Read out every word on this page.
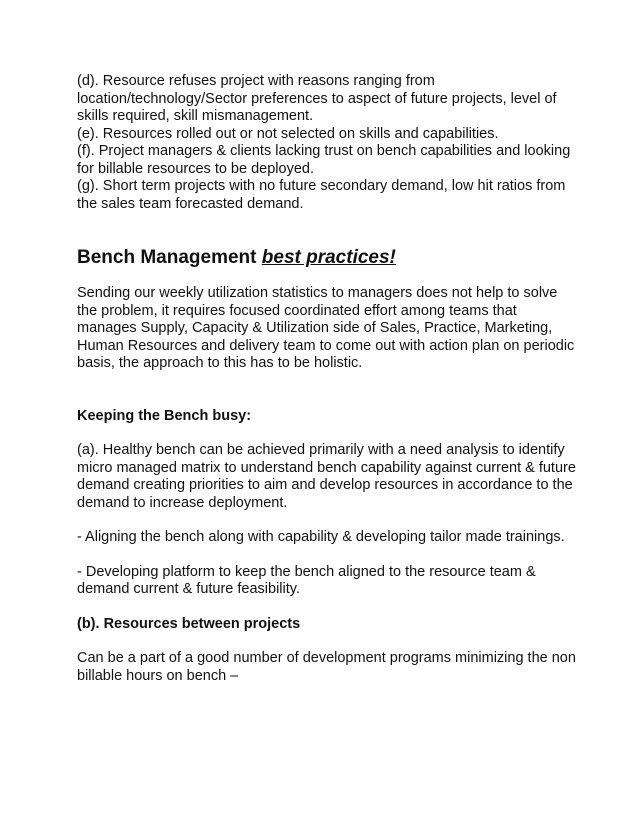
(d). Resource refuses project with reasons ranging from location/technology/Sector preferences to aspect of future projects, level of skills required, skill mismanagement.

(e). Resources rolled out or not selected on skills and capabilities.

(f). Project managers & clients lacking trust on bench capabilities and looking for billable resources to be deployed.

(g). Short term projects with no future secondary demand, low hit ratios from the sales team forecasted demand.

Bench Management best practices!

Sending our weekly utilization statistics to managers does not help to solve the problem, it requires focused coordinated effort among teams that manages Supply, Capacity & Utilization side of Sales, Practice, Marketing, Human Resources and delivery team to come out with action plan on periodic basis, the approach to this has to be holistic.

Keeping the Bench busy:

(a). Healthy bench can be achieved primarily with a need analysis to identify micro managed matrix to understand bench capability against current & future demand creating priorities to aim and develop resources in accordance to the demand to increase deployment.

- Aligning the bench along with capability & developing tailor made trainings.

- Developing platform to keep the bench aligned to the resource team & demand current & future feasibility.

(b). Resources between projects

Can be a part of a good number of development programs minimizing the non billable hours on bench –
